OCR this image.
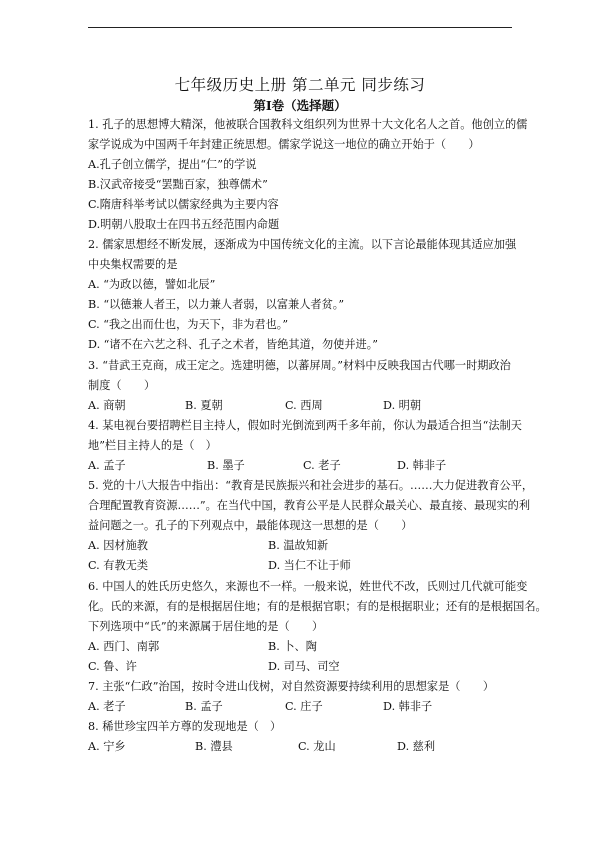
七年级历史上册 第二单元 同步练习
第Ⅰ卷（选择题）
1. 孔子的思想博大精深，他被联合国教科文组织列为世界十大文化名人之首。他创立的儒
家学说成为中国两千年封建正统思想。儒家学说这一地位的确立开始于（　　）
A.孔子创立儒学，提出“仁”的学说
B.汉武帝接受“罢黜百家，独尊儒术”
C.隋唐科举考试以儒家经典为主要内容
D.明朝八股取士在四书五经范围内命题
2. 儒家思想经不断发展，逐渐成为中国传统文化的主流。以下言论最能体现其适应加强
中央集权需要的是
A. “为政以德，譬如北辰”
B. “以德兼人者王，以力兼人者弱，以富兼人者贫。”
C. “我之出而仕也，为天下，非为君也。”
D. “诸不在六艺之科、孔子之术者，皆绝其道，勿使并进。”
3. “昔武王克商，成王定之。选建明德，以蕃屏周。”材料中反映我国古代哪一时期政治
制度（　　）
A. 商朝	B. 夏朝	C. 西周	D. 明朝
4. 某电视台要招聘栏目主持人，假如时光倒流到两千多年前，你认为最适合担当“法制天
地”栏目主持人的是（　）
A. 孟子	B. 墨子	C. 老子	D. 韩非子
5. 党的十八大报告中指出：“教育是民族振兴和社会进步的基石。……大力促进教育公平，
合理配置教育资源……”。在当代中国，教育公平是人民群众最关心、最直接、最现实的利
益问题之一。孔子的下列观点中，最能体现这一思想的是（　　）
A. 因材施教	B. 温故知新
C. 有教无类	D. 当仁不让于师
6. 中国人的姓氏历史悠久，来源也不一样。一般来说，姓世代不改，氏则过几代就可能变
化。氏的来源，有的是根据居住地；有的是根据官职；有的是根据职业；还有的是根据国名。
下列选项中“氏”的来源属于居住地的是（　　）
A. 西门、南郭	B. 卜、陶
C. 鲁、许	D. 司马、司空
7. 主张“仁政”治国，按时令进山伐树，对自然资源要持续利用的思想家是（　　）
A. 老子	B. 孟子	C. 庄子	D. 韩非子
8. 稀世珍宝四羊方尊的发现地是（　）
A. 宁乡	B. 澧县	C. 龙山	D. 慈利
